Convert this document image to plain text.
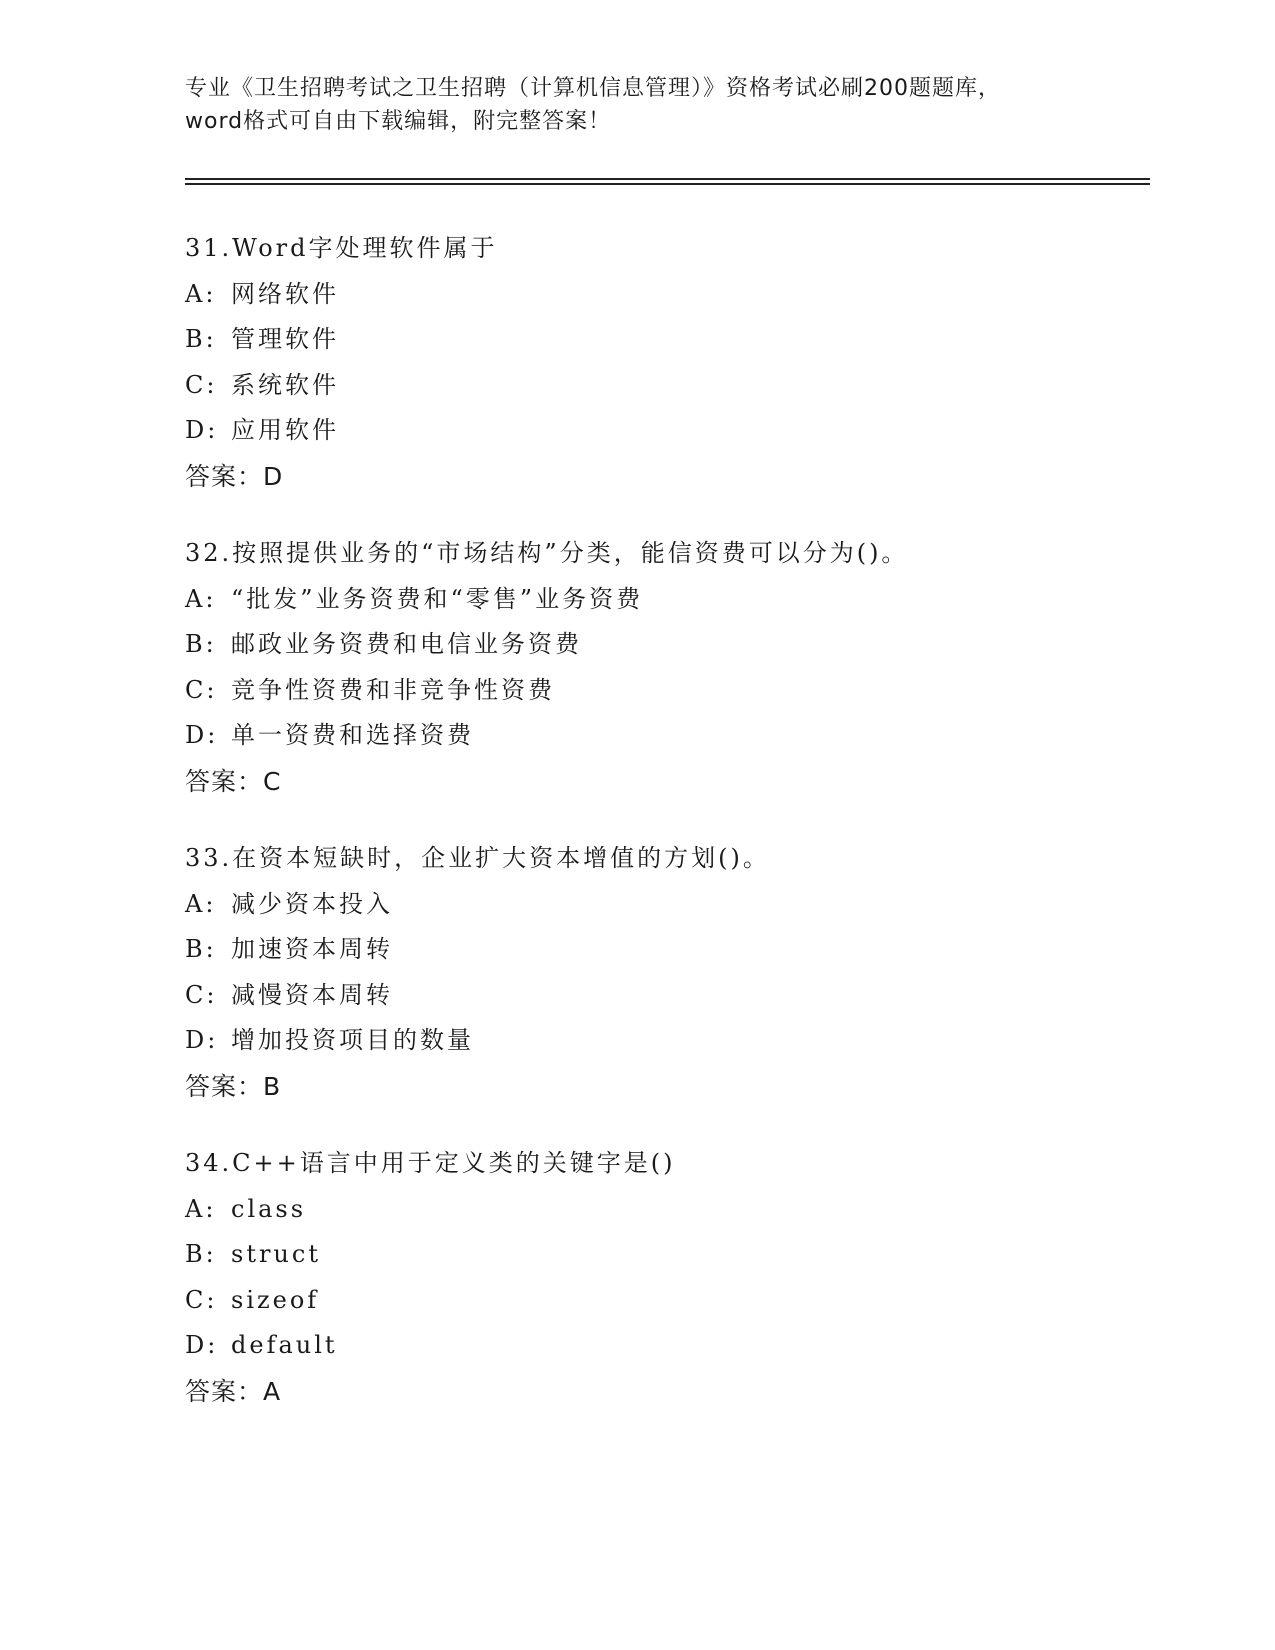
专业《卫生招聘考试之卫生招聘（计算机信息管理）》资格考试必刷200题题库，
word格式可自由下载编辑，附完整答案！
31.Word字处理软件属于
A: 网络软件
B: 管理软件
C: 系统软件
D: 应用软件
答案：D
32.按照提供业务的“市场结构”分类，能信资费可以分为()。
A: “批发”业务资费和“零售”业务资费
B: 邮政业务资费和电信业务资费
C: 竞争性资费和非竞争性资费
D: 单一资费和选择资费
答案：C
33.在资本短缺时，企业扩大资本增值的方划()。
A: 减少资本投入
B: 加速资本周转
C: 减慢资本周转
D: 增加投资项目的数量
答案：B
34.C++语言中用于定义类的关键字是()
A: class
B: struct
C: sizeof
D: default
答案：A
